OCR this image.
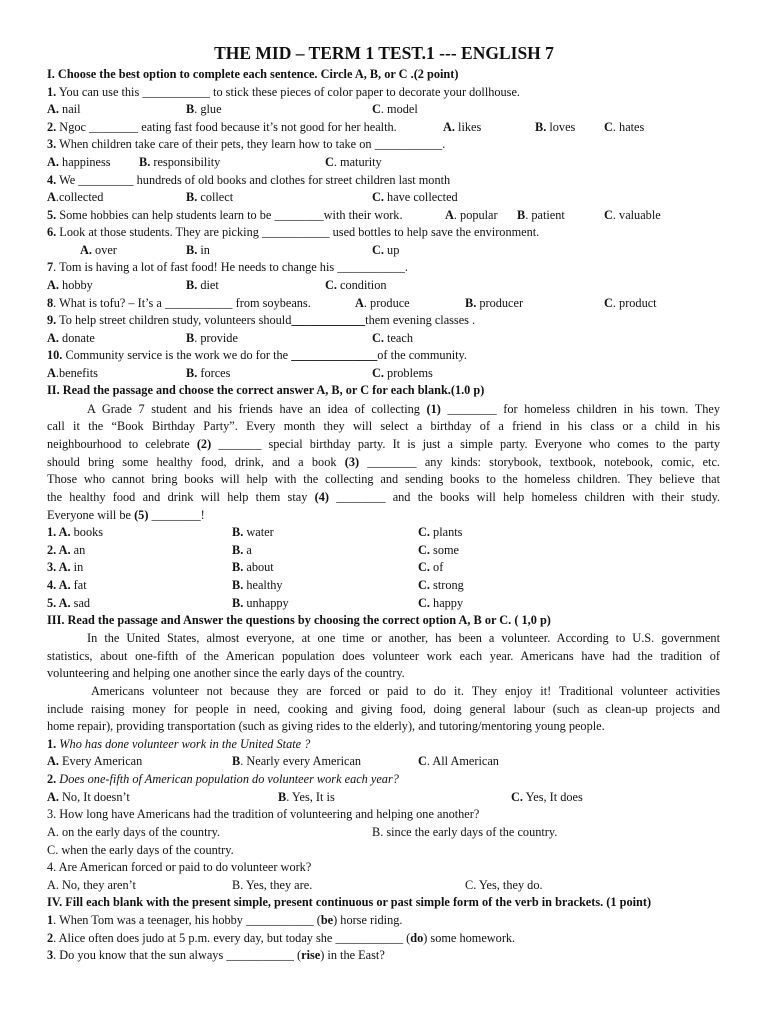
THE MID – TERM 1 TEST.1 --- ENGLISH 7
I. Choose the best option to complete each sentence. Circle A, B, or C .(2 point)
1. You can use this ___________ to stick these pieces of color paper to decorate your dollhouse.
A. nail	B. glue	C. model
2. Ngoc ________ eating fast food because it’s not good for her health.	A. likes	B. loves C. hates
3. When children take care of their pets, they learn how to take on ___________.
A. happiness B. responsibility	C. maturity
4. We _________ hundreds of old books and clothes for street children last month
A.collected	B. collect	C. have collected
5. Some hobbies can help students learn to be ________with their work.	A. popular B. patient	C. valuable
6. Look at those students. They are picking ___________ used bottles to help save the environment.
A. over	B. in	C. up
7. Tom is having a lot of fast food! He needs to change his ___________.
A. hobby	B. diet	C. condition
8. What is tofu? – It’s a ___________ from soybeans.	A. produce	B. producer	C. product
9. To help street children study, volunteers should____________them evening classes .
A. donate	B. provide	C. teach
10. Community service is the work we do for the ______________of the community.
A.benefits	B. forces	C. problems
II. Read the passage and choose the correct answer A, B, or C for each blank.(1.0 p)
A Grade 7 student and his friends have an idea of collecting (1) ________ for homeless children in his town. They
call it the “Book Birthday Party”. Every month they will select a birthday of a friend in his class or a child in his
neighbourhood to celebrate (2) _______ special birthday party. It is just a simple party. Everyone who comes to the party
should bring some healthy food, drink, and a book (3) ________ any kinds: storybook, textbook, notebook, comic, etc.
Those who cannot bring books will help with the collecting and sending books to the homeless children. They believe that
the healthy food and drink will help them stay (4) ________ and the books will help homeless children with their study.
Everyone will be (5) ________!
1. A. books	B. water	C. plants
2. A. an	B. a	C. some
3. A. in	B. about	C. of
4. A. fat	B. healthy	C. strong
5. A. sad	B. unhappy	C. happy
III. Read the passage and Answer the questions by choosing the correct option A, B or C. ( 1,0 p)
In the United States, almost everyone, at one time or another, has been a volunteer. According to U.S. government
statistics, about one-fifth of the American population does volunteer work each year. Americans have had the tradition of
volunteering and helping one another since the early days of the country.
Americans volunteer not because they are forced or paid to do it. They enjoy it! Traditional volunteer activities
include raising money for people in need, cooking and giving food, doing general labour (such as clean-up projects and
home repair), providing transportation (such as giving rides to the elderly), and tutoring/mentoring young people.
1. Who has done volunteer work in the United State ?
A. Every American	B. Nearly every American	C. All American
2. Does one-fifth of American population do volunteer work each year?
A. No, It doesn’t	B. Yes, It is	C. Yes, It does
3. How long have Americans had the tradition of volunteering and helping one another?
A. on the early days of the country.	B. since the early days of the country.
C. when the early days of the country.
4. Are American forced or paid to do volunteer work?
A. No, they aren’t	B. Yes, they are.	C. Yes, they do.
IV. Fill each blank with the present simple, present continuous or past simple form of the verb in brackets. (1 point)
1. When Tom was a teenager, his hobby ___________ (be) horse riding.
2. Alice often does judo at 5 p.m. every day, but today she ___________ (do) some homework.
3. Do you know that the sun always ___________ (rise) in the East?
